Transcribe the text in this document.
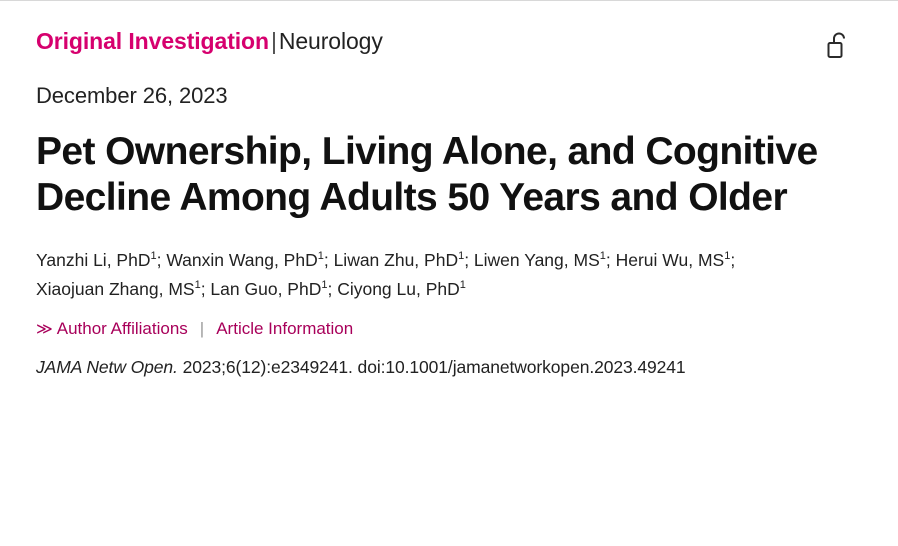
Original Investigation|Neurology
December 26, 2023
Pet Ownership, Living Alone, and Cognitive Decline Among Adults 50 Years and Older
Yanzhi Li, PhD$^1$; Wanxin Wang, PhD$^1$; Liwan Zhu, PhD$^1$; Liwen Yang, $MS^1$; Herui Wu, $MS^1$;
Xiaojuan Zhang, $MS^1$; Lan Guo, PhD$^1$; Ciyong Lu, PhD$^1$
≫ Author Affiliations | Article Information
JAMA Netw Open. 2023;6(12):e2349241. doi:10.1001/jamanetworkopen.2023.49241
